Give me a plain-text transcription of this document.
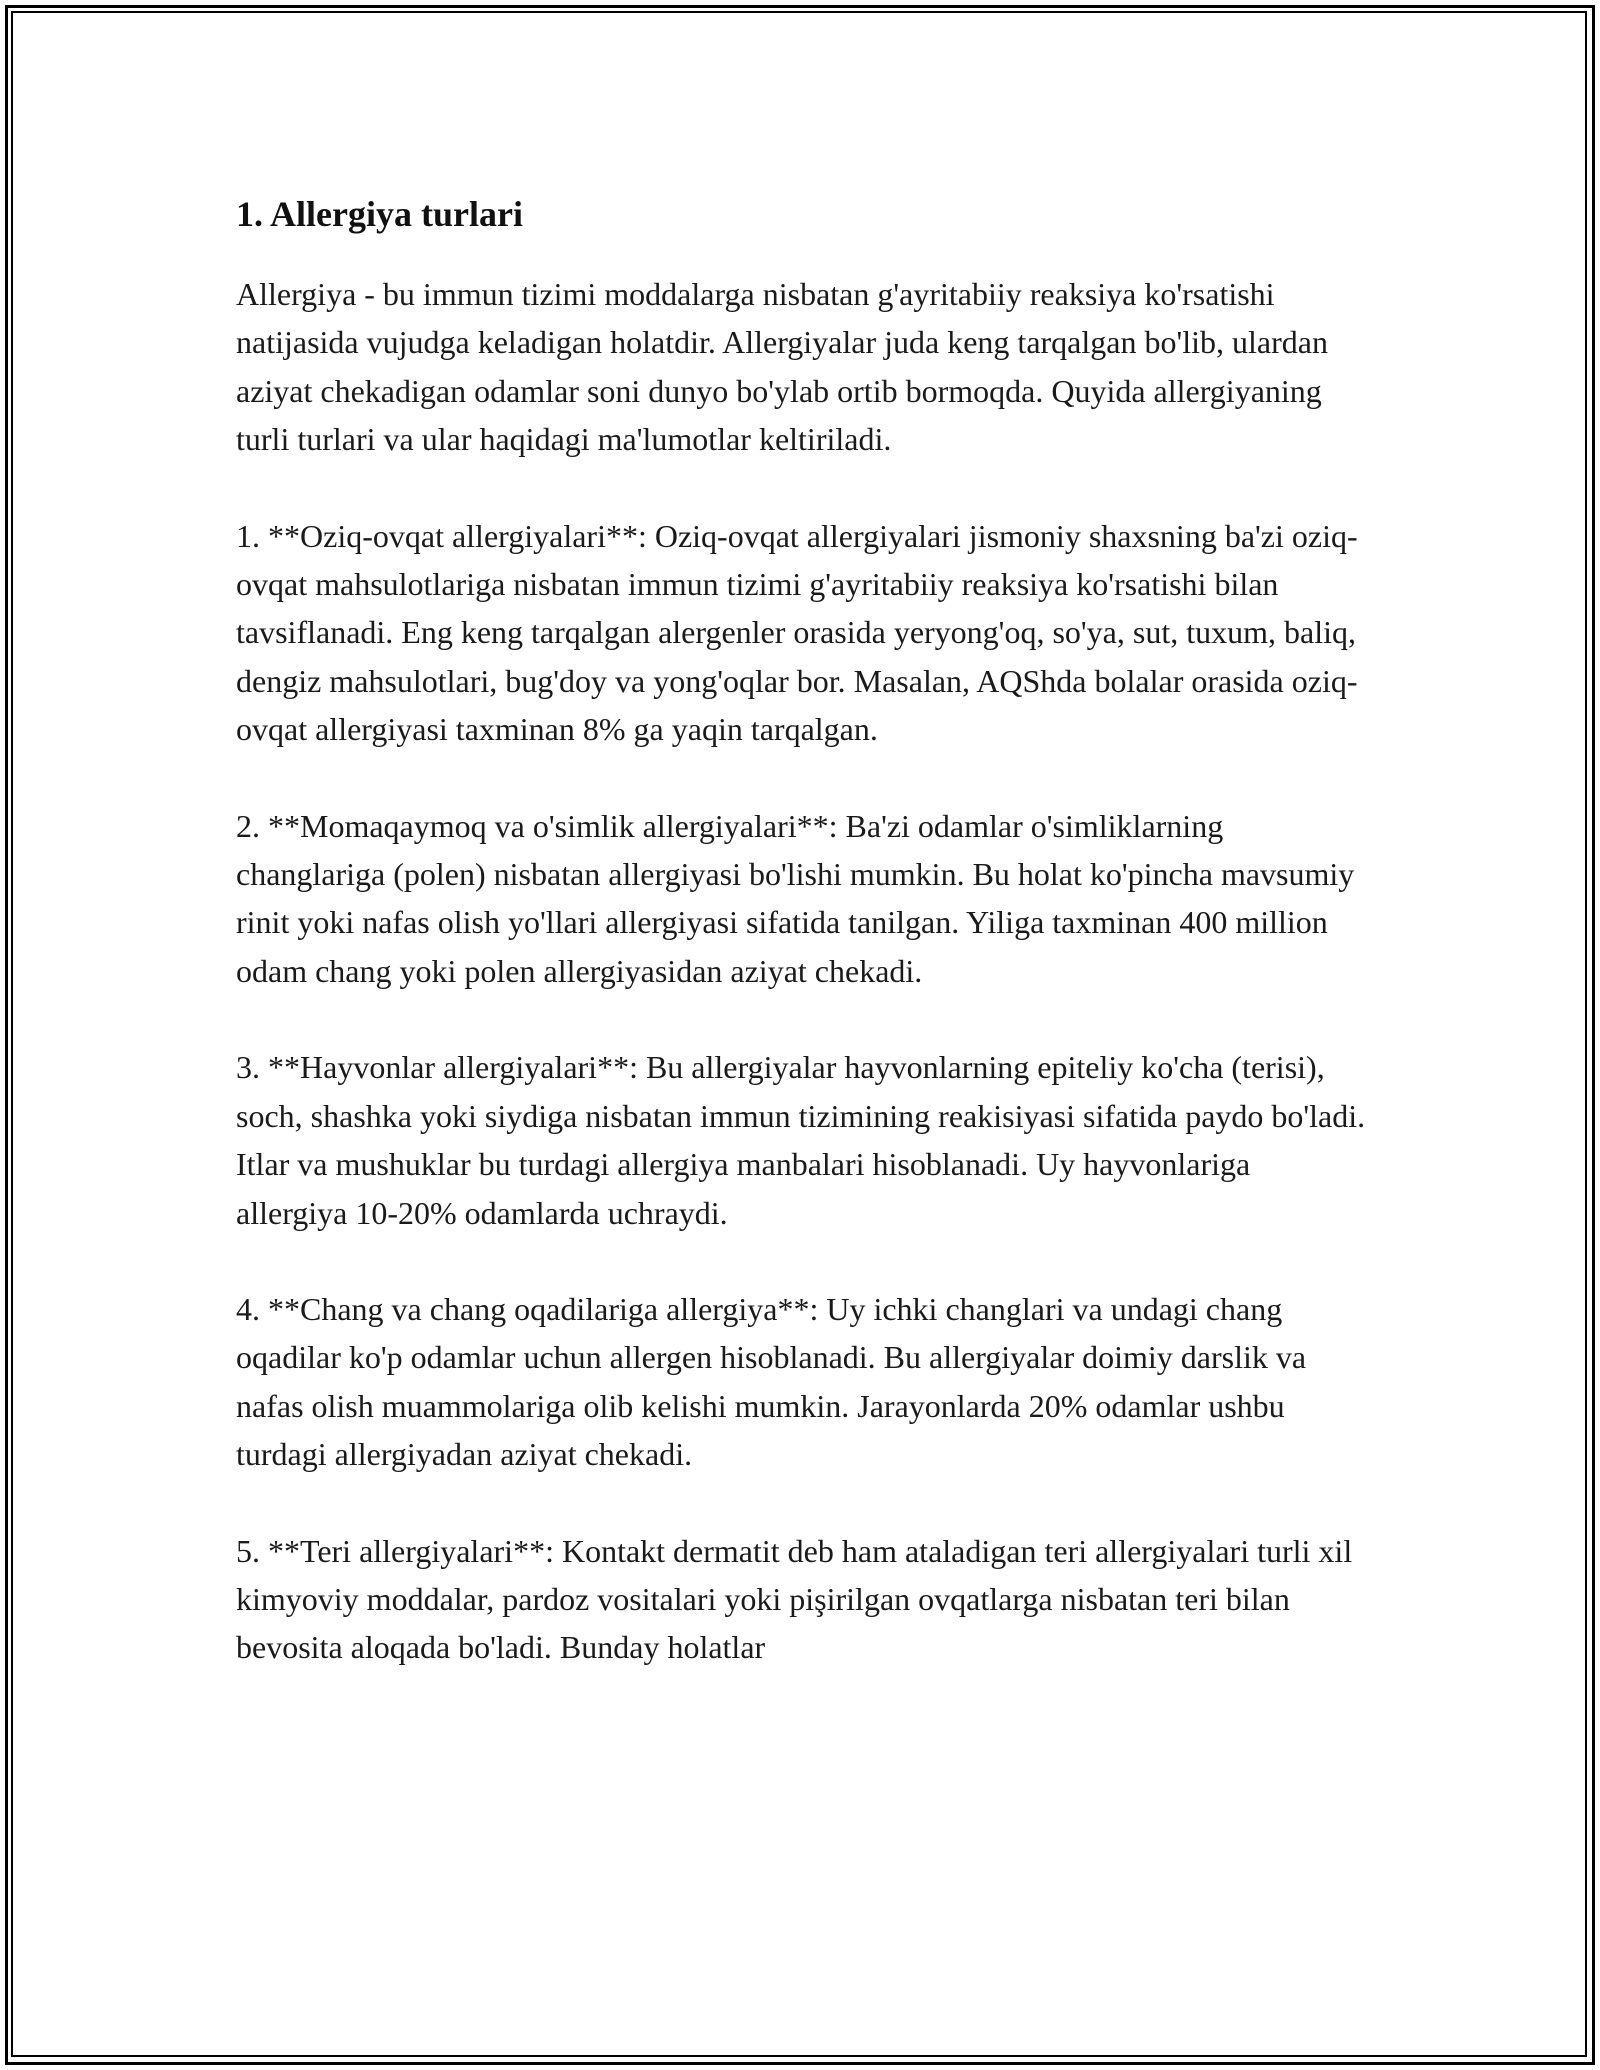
1. Allergiya turlari

Allergiya - bu immun tizimi moddalarga nisbatan g'ayritabiiy reaksiya ko'rsatishi natijasida vujudga keladigan holatdir. Allergiyalar juda keng tarqalgan bo'lib, ulardan aziyat chekadigan odamlar soni dunyo bo'ylab ortib bormoqda. Quyida allergiyaning turli turlari va ular haqidagi ma'lumotlar keltiriladi.

1. **Oziq-ovqat allergiyalari**: Oziq-ovqat allergiyalari jismoniy shaxsning ba'zi oziq-ovqat mahsulotlariga nisbatan immun tizimi g'ayritabiiy reaksiya ko'rsatishi bilan tavsiflanadi. Eng keng tarqalgan alergenler orasida yeryong'oq, so'ya, sut, tuxum, baliq, dengiz mahsulotlari, bug'doy va yong'oqlar bor. Masalan, AQShda bolalar orasida oziq-ovqat allergiyasi taxminan 8% ga yaqin tarqalgan.

2. **Momaqaymoq va o'simlik allergiyalari**: Ba'zi odamlar o'simliklarning changlariga (polen) nisbatan allergiyasi bo'lishi mumkin. Bu holat ko'pincha mavsumiy rinit yoki nafas olish yo'llari allergiyasi sifatida tanilgan. Yiliga taxminan 400 million odam chang yoki polen allergiyasidan aziyat chekadi.

3. **Hayvonlar allergiyalari**: Bu allergiyalar hayvonlarning epiteliy ko'cha (terisi), soch, shashka yoki siydiga nisbatan immun tizimining reakisiyasi sifatida paydo bo'ladi. Itlar va mushuklar bu turdagi allergiya manbalari hisoblanadi. Uy hayvonlariga allergiya 10-20% odamlarda uchraydi.

4. **Chang va chang oqadilariga allergiya**: Uy ichki changlari va undagi chang oqadilar ko'p odamlar uchun allergen hisoblanadi. Bu allergiyalar doimiy darslik va nafas olish muammolariga olib kelishi mumkin. Jarayonlarda 20% odamlar ushbu turdagi allergiyadan aziyat chekadi.

5. **Teri allergiyalari**: Kontakt dermatit deb ham ataladigan teri allergiyalari turli xil kimyoviy moddalar, pardoz vositalari yoki pişirilgan ovqatlarga nisbatan teri bilan bevosita aloqada bo'ladi. Bunday holatlar
